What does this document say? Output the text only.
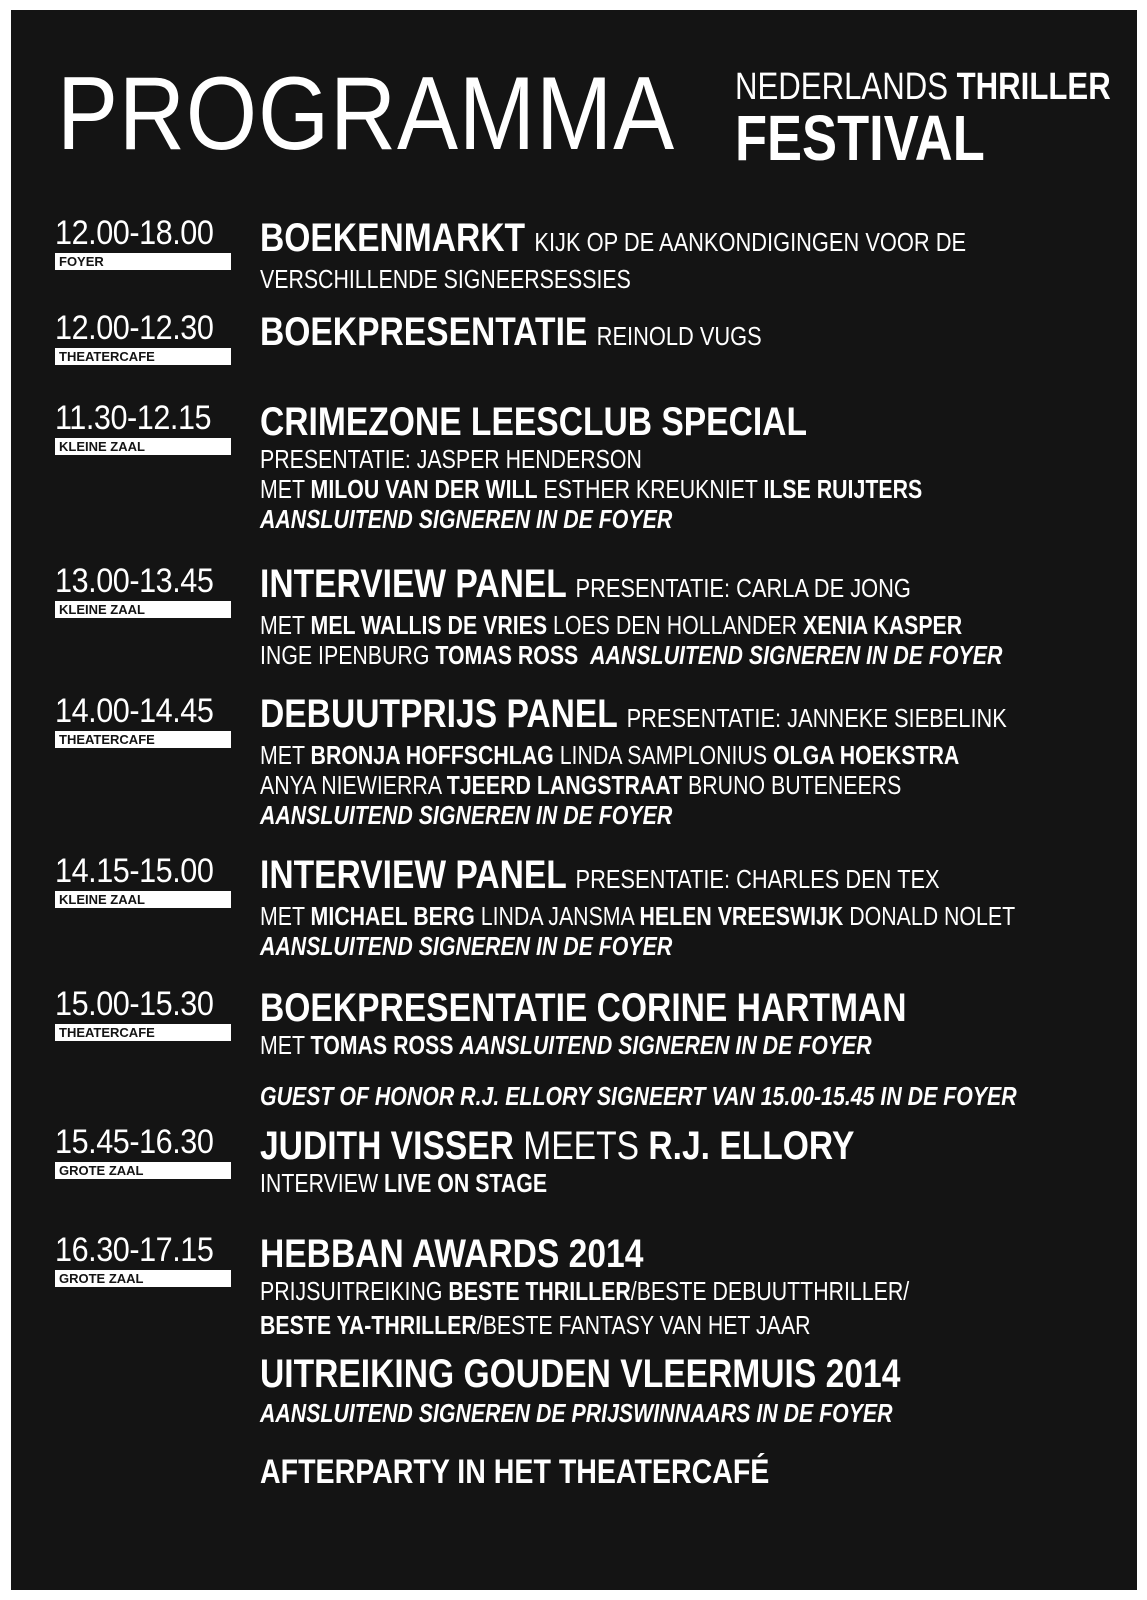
PROGRAMMA NEDERLANDS THRILLER
FESTIVAL
12.00-18.00
FOYER
BOEKENMARKT KIJK OP DE AANKONDIGINGEN VOOR DE
VERSCHILLENDE SIGNEERSESSIES
12.00-12.30
THEATERCAFE
BOEKPRESENTATIE REINOLD VUGS
11.30-12.15
KLEINE ZAAL
CRIMEZONE LEESCLUB SPECIAL
PRESENTATIE: JASPER HENDERSON
MET MILOU VAN DER WILL ESTHER KREUKNIET ILSE RUIJTERS
AANSLUITEND SIGNEREN IN DE FOYER
13.00-13.45
KLEINE ZAAL
INTERVIEW PANEL PRESENTATIE: CARLA DE JONG
MET MEL WALLIS DE VRIES LOES DEN HOLLANDER XENIA KASPER
INGE IPENBURG TOMAS ROSS AANSLUITEND SIGNEREN IN DE FOYER
14.00-14.45
THEATERCAFE
DEBUUTPRIJS PANEL PRESENTATIE: JANNEKE SIEBELINK
MET BRONJA HOFFSCHLAG LINDA SAMPLONIUS OLGA HOEKSTRA
ANYA NIEWIERRA TJEERD LANGSTRAAT BRUNO BUTENEERS
AANSLUITEND SIGNEREN IN DE FOYER
14.15-15.00
KLEINE ZAAL
INTERVIEW PANEL PRESENTATIE: CHARLES DEN TEX
MET MICHAEL BERG LINDA JANSMA HELEN VREESWIJK DONALD NOLET
AANSLUITEND SIGNEREN IN DE FOYER
15.00-15.30
THEATERCAFE
BOEKPRESENTATIE CORINE HARTMAN
MET TOMAS ROSS AANSLUITEND SIGNEREN IN DE FOYER
GUEST OF HONOR R.J. ELLORY SIGNEERT VAN 15.00-15.45 IN DE FOYER
15.45-16.30
GROTE ZAAL
JUDITH VISSER MEETS R.J. ELLORY
INTERVIEW LIVE ON STAGE
16.30-17.15
GROTE ZAAL
HEBBAN AWARDS 2014
PRIJSUITREIKING BESTE THRILLER/BESTE DEBUUTTHRILLER/
BESTE YA-THRILLER/BESTE FANTASY VAN HET JAAR
UITREIKING GOUDEN VLEERMUIS 2014
AANSLUITEND SIGNEREN DE PRIJSWINNAARS IN DE FOYER
AFTERPARTY IN HET THEATERCAFÉ
